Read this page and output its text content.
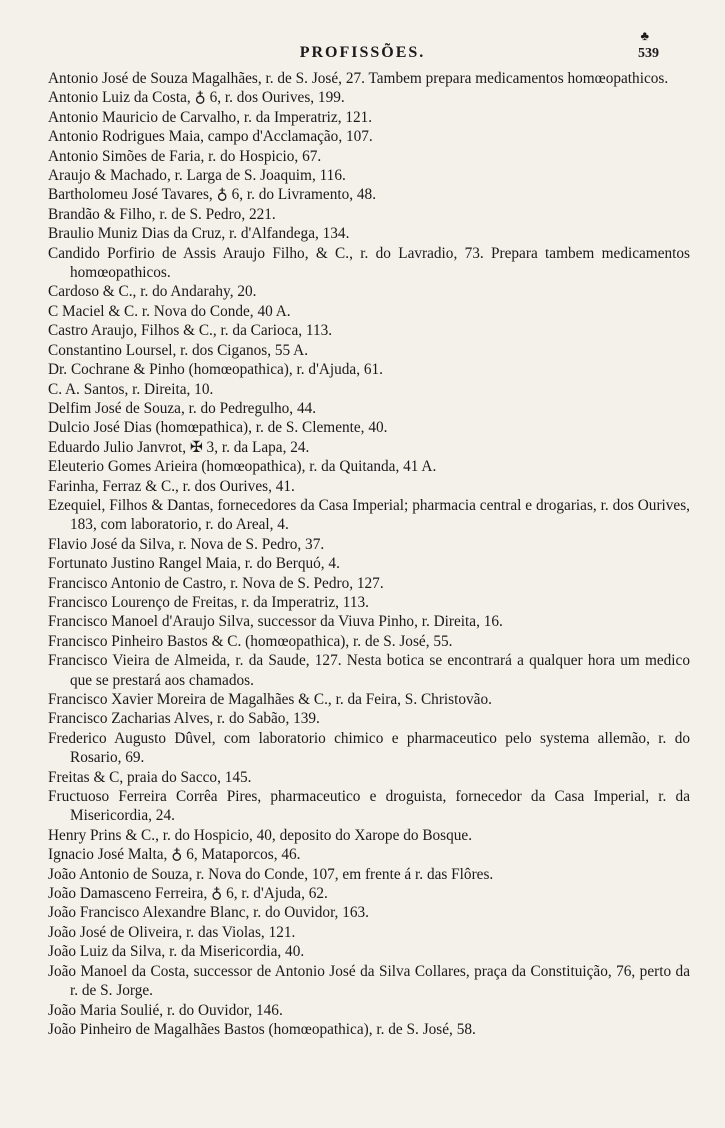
PROFISSÕES.
♣
539

Antonio José de Souza Magalhães, r. de S. José, 27. Tambem prepara medicamentos homœopathicos.

Antonio Luiz da Costa, ♁ 6, r. dos Ourives, 199.

Antonio Mauricio de Carvalho, r. da Imperatriz, 121.

Antonio Rodrigues Maia, campo d'Acclamação, 107.

Antonio Simões de Faria, r. do Hospicio, 67.

Araujo & Machado, r. Larga de S. Joaquim, 116.

Bartholomeu José Tavares, ♁ 6, r. do Livramento, 48.

Brandão & Filho, r. de S. Pedro, 221.

Braulio Muniz Dias da Cruz, r. d'Alfandega, 134.

Candido Porfirio de Assis Araujo Filho, & C., r. do Lavradio, 73. Prepara tambem medicamentos homœopathicos.

Cardoso & C., r. do Andarahy, 20.

C Maciel & C. r. Nova do Conde, 40 A.

Castro Araujo, Filhos & C., r. da Carioca, 113.

Constantino Loursel, r. dos Ciganos, 55 A.

Dr. Cochrane & Pinho (homœopathica), r. d'Ajuda, 61.

C. A. Santos, r. Direita, 10.

Delfim José de Souza, r. do Pedregulho, 44.

Dulcio José Dias (homœpathica), r. de S. Clemente, 40.

Eduardo Julio Janvrot, ✠ 3, r. da Lapa, 24.

Eleuterio Gomes Arieira (homœopathica), r. da Quitanda, 41 A.

Farinha, Ferraz & C., r. dos Ourives, 41.

Ezequiel, Filhos & Dantas, fornecedores da Casa Imperial; pharmacia central e drogarias, r. dos Ourives, 183, com laboratorio, r. do Areal, 4.

Flavio José da Silva, r. Nova de S. Pedro, 37.

Fortunato Justino Rangel Maia, r. do Berquó, 4.

Francisco Antonio de Castro, r. Nova de S. Pedro, 127.

Francisco Lourenço de Freitas, r. da Imperatriz, 113.

Francisco Manoel d'Araujo Silva, successor da Viuva Pinho, r. Direita, 16.

Francisco Pinheiro Bastos & C. (homœopathica), r. de S. José, 55.

Francisco Vieira de Almeida, r. da Saude, 127. Nesta botica se encontrará a qualquer hora um medico que se prestará aos chamados.

Francisco Xavier Moreira de Magalhães & C., r. da Feira, S. Christovão.

Francisco Zacharias Alves, r. do Sabão, 139.

Frederico Augusto Dûvel, com laboratorio chimico e pharmaceutico pelo systema allemão, r. do Rosario, 69.

Freitas & C, praia do Sacco, 145.

Fructuoso Ferreira Corrêa Pires, pharmaceutico e droguista, fornecedor da Casa Imperial, r. da Misericordia, 24.

Henry Prins & C., r. do Hospicio, 40, deposito do Xarope do Bosque.

Ignacio José Malta, ♁ 6, Mataporcos, 46.

João Antonio de Souza, r. Nova do Conde, 107, em frente á r. das Flôres.

João Damasceno Ferreira, ♁ 6, r. d'Ajuda, 62.

João Francisco Alexandre Blanc, r. do Ouvidor, 163.

João José de Oliveira, r. das Violas, 121.

João Luiz da Silva, r. da Misericordia, 40.

João Manoel da Costa, successor de Antonio José da Silva Collares, praça da Constituição, 76, perto da r. de S. Jorge.

João Maria Soulié, r. do Ouvidor, 146.

João Pinheiro de Magalhães Bastos (homœopathica), r. de S. José, 58.
